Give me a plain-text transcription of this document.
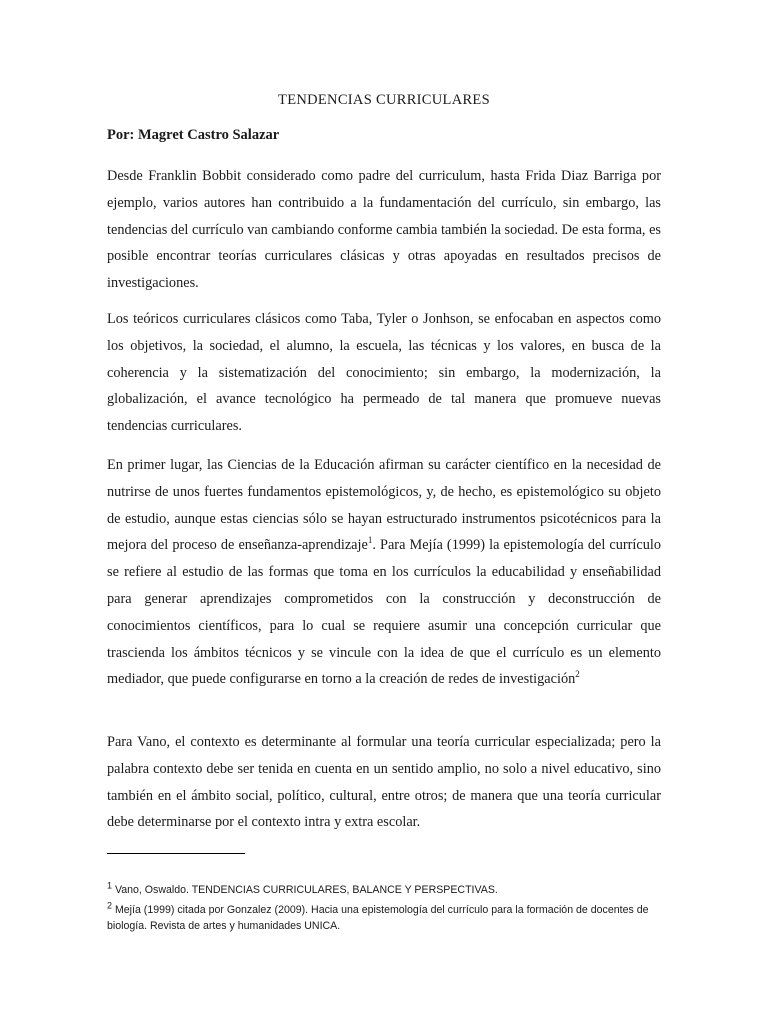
TENDENCIAS CURRICULARES
Por: Magret Castro Salazar

Desde Franklin Bobbit considerado como padre del curriculum, hasta Frida Diaz Barriga por ejemplo, varios autores han contribuido a la fundamentación del currículo, sin embargo, las tendencias del currículo van cambiando conforme cambia también la sociedad. De esta forma, es posible encontrar teorías curriculares clásicas y otras apoyadas en resultados precisos de investigaciones.

Los teóricos curriculares clásicos como Taba, Tyler o Jonhson, se enfocaban en aspectos como los objetivos, la sociedad, el alumno, la escuela, las técnicas y los valores, en busca de la coherencia y la sistematización del conocimiento; sin embargo, la modernización, la globalización, el avance tecnológico ha permeado de tal manera que promueve nuevas tendencias curriculares.

En primer lugar, las Ciencias de la Educación afirman su carácter científico en la necesidad de nutrirse de unos fuertes fundamentos epistemológicos, y, de hecho, es epistemológico su objeto de estudio, aunque estas ciencias sólo se hayan estructurado instrumentos psicotécnicos para la mejora del proceso de enseñanza-aprendizaje$^1$. Para Mejía (1999) la epistemología del currículo se refiere al estudio de las formas que toma en los currículos la educabilidad y enseñabilidad para generar aprendizajes comprometidos con la construcción y deconstrucción de conocimientos científicos, para lo cual se requiere asumir una concepción curricular que trascienda los ámbitos técnicos y se vincule con la idea de que el currículo es un elemento mediador, que puede configurarse en torno a la creación de redes de investigación$^2$

Para Vano, el contexto es determinante al formular una teoría curricular especializada; pero la palabra contexto debe ser tenida en cuenta en un sentido amplio, no solo a nivel educativo, sino también en el ámbito social, político, cultural, entre otros; de manera que una teoría curricular debe determinarse por el contexto intra y extra escolar.

$^1$ Vano, Oswaldo. TENDENCIAS CURRICULARES, BALANCE Y PERSPECTIVAS.
$^2$ Mejía (1999) citada por Gonzalez (2009). Hacia una epistemología del currículo para la formación de docentes de biología. Revista de artes y humanidades UNICA.
